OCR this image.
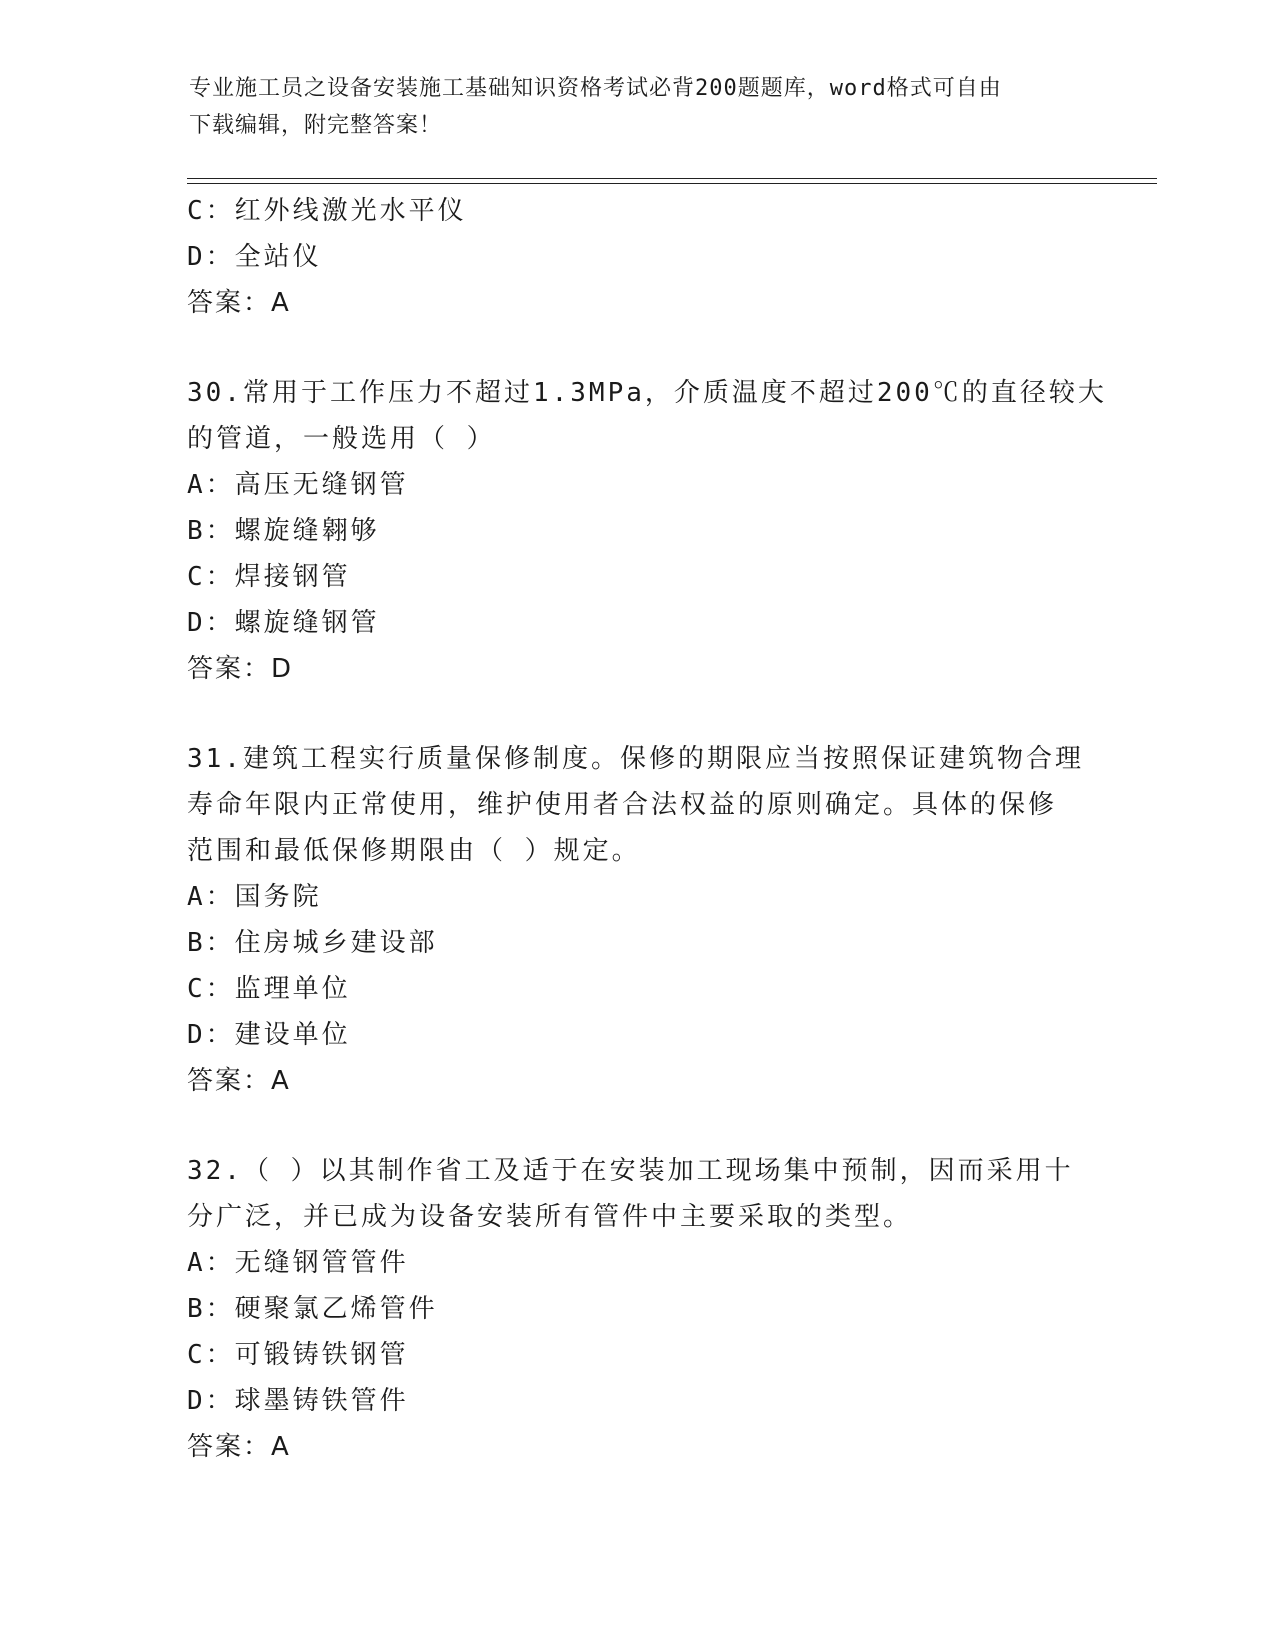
专业施工员之设备安装施工基础知识资格考试必背200题题库，word格式可自由
下载编辑，附完整答案！
C：红外线激光水平仪
D：全站仪
答案：A
30.常用于工作压力不超过1.3MPa，介质温度不超过200℃的直径较大
的管道，一般选用（ ）
A：高压无缝钢管
B：螺旋缝翱够
C：焊接钢管
D：螺旋缝钢管
答案：D
31.建筑工程实行质量保修制度。保修的期限应当按照保证建筑物合理
寿命年限内正常使用，维护使用者合法权益的原则确定。具体的保修
范围和最低保修期限由（ ）规定。
A：国务院
B：住房城乡建设部
C：监理单位
D：建设单位
答案：A
32.（ ）以其制作省工及适于在安装加工现场集中预制，因而采用十
分广泛，并已成为设备安装所有管件中主要采取的类型。
A：无缝钢管管件
B：硬聚氯乙烯管件
C：可锻铸铁钢管
D：球墨铸铁管件
答案：A
